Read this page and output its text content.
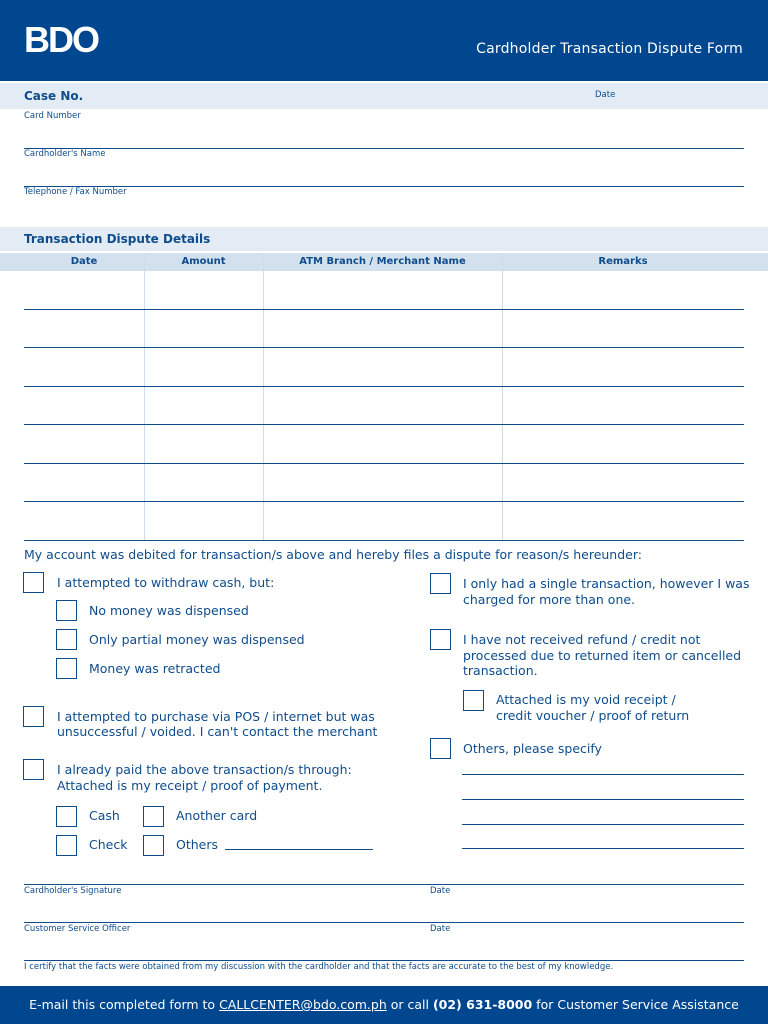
BDO	Cardholder Transaction Dispute Form
Case No.	Date
Card Number
Cardholder's Name
Telephone / Fax Number
Transaction Dispute Details
Date	Amount	ATM Branch / Merchant Name	Remarks
My account was debited for transaction/s above and hereby files a dispute for reason/s hereunder:
I attempted to withdraw cash, but:
No money was dispensed
Only partial money was dispensed
Money was retracted
I attempted to purchase via POS / internet but was
unsuccessful / voided. I can't contact the merchant
I already paid the above transaction/s through:
Attached is my receipt / proof of payment.
Cash	Another card
Check	Others
I only had a single transaction, however I was
charged for more than one.
I have not received refund / credit not
processed due to returned item or cancelled
transaction.
Attached is my void receipt /
credit voucher / proof of return
Others, please specify
Cardholder's Signature	Date
Customer Service Officer	Date
I certify that the facts were obtained from my discussion with the cardholder and that the facts are accurate to the best of my knowledge.
E-mail this completed form to CALLCENTER@bdo.com.ph or call (02) 631-8000 for Customer Service Assistance
